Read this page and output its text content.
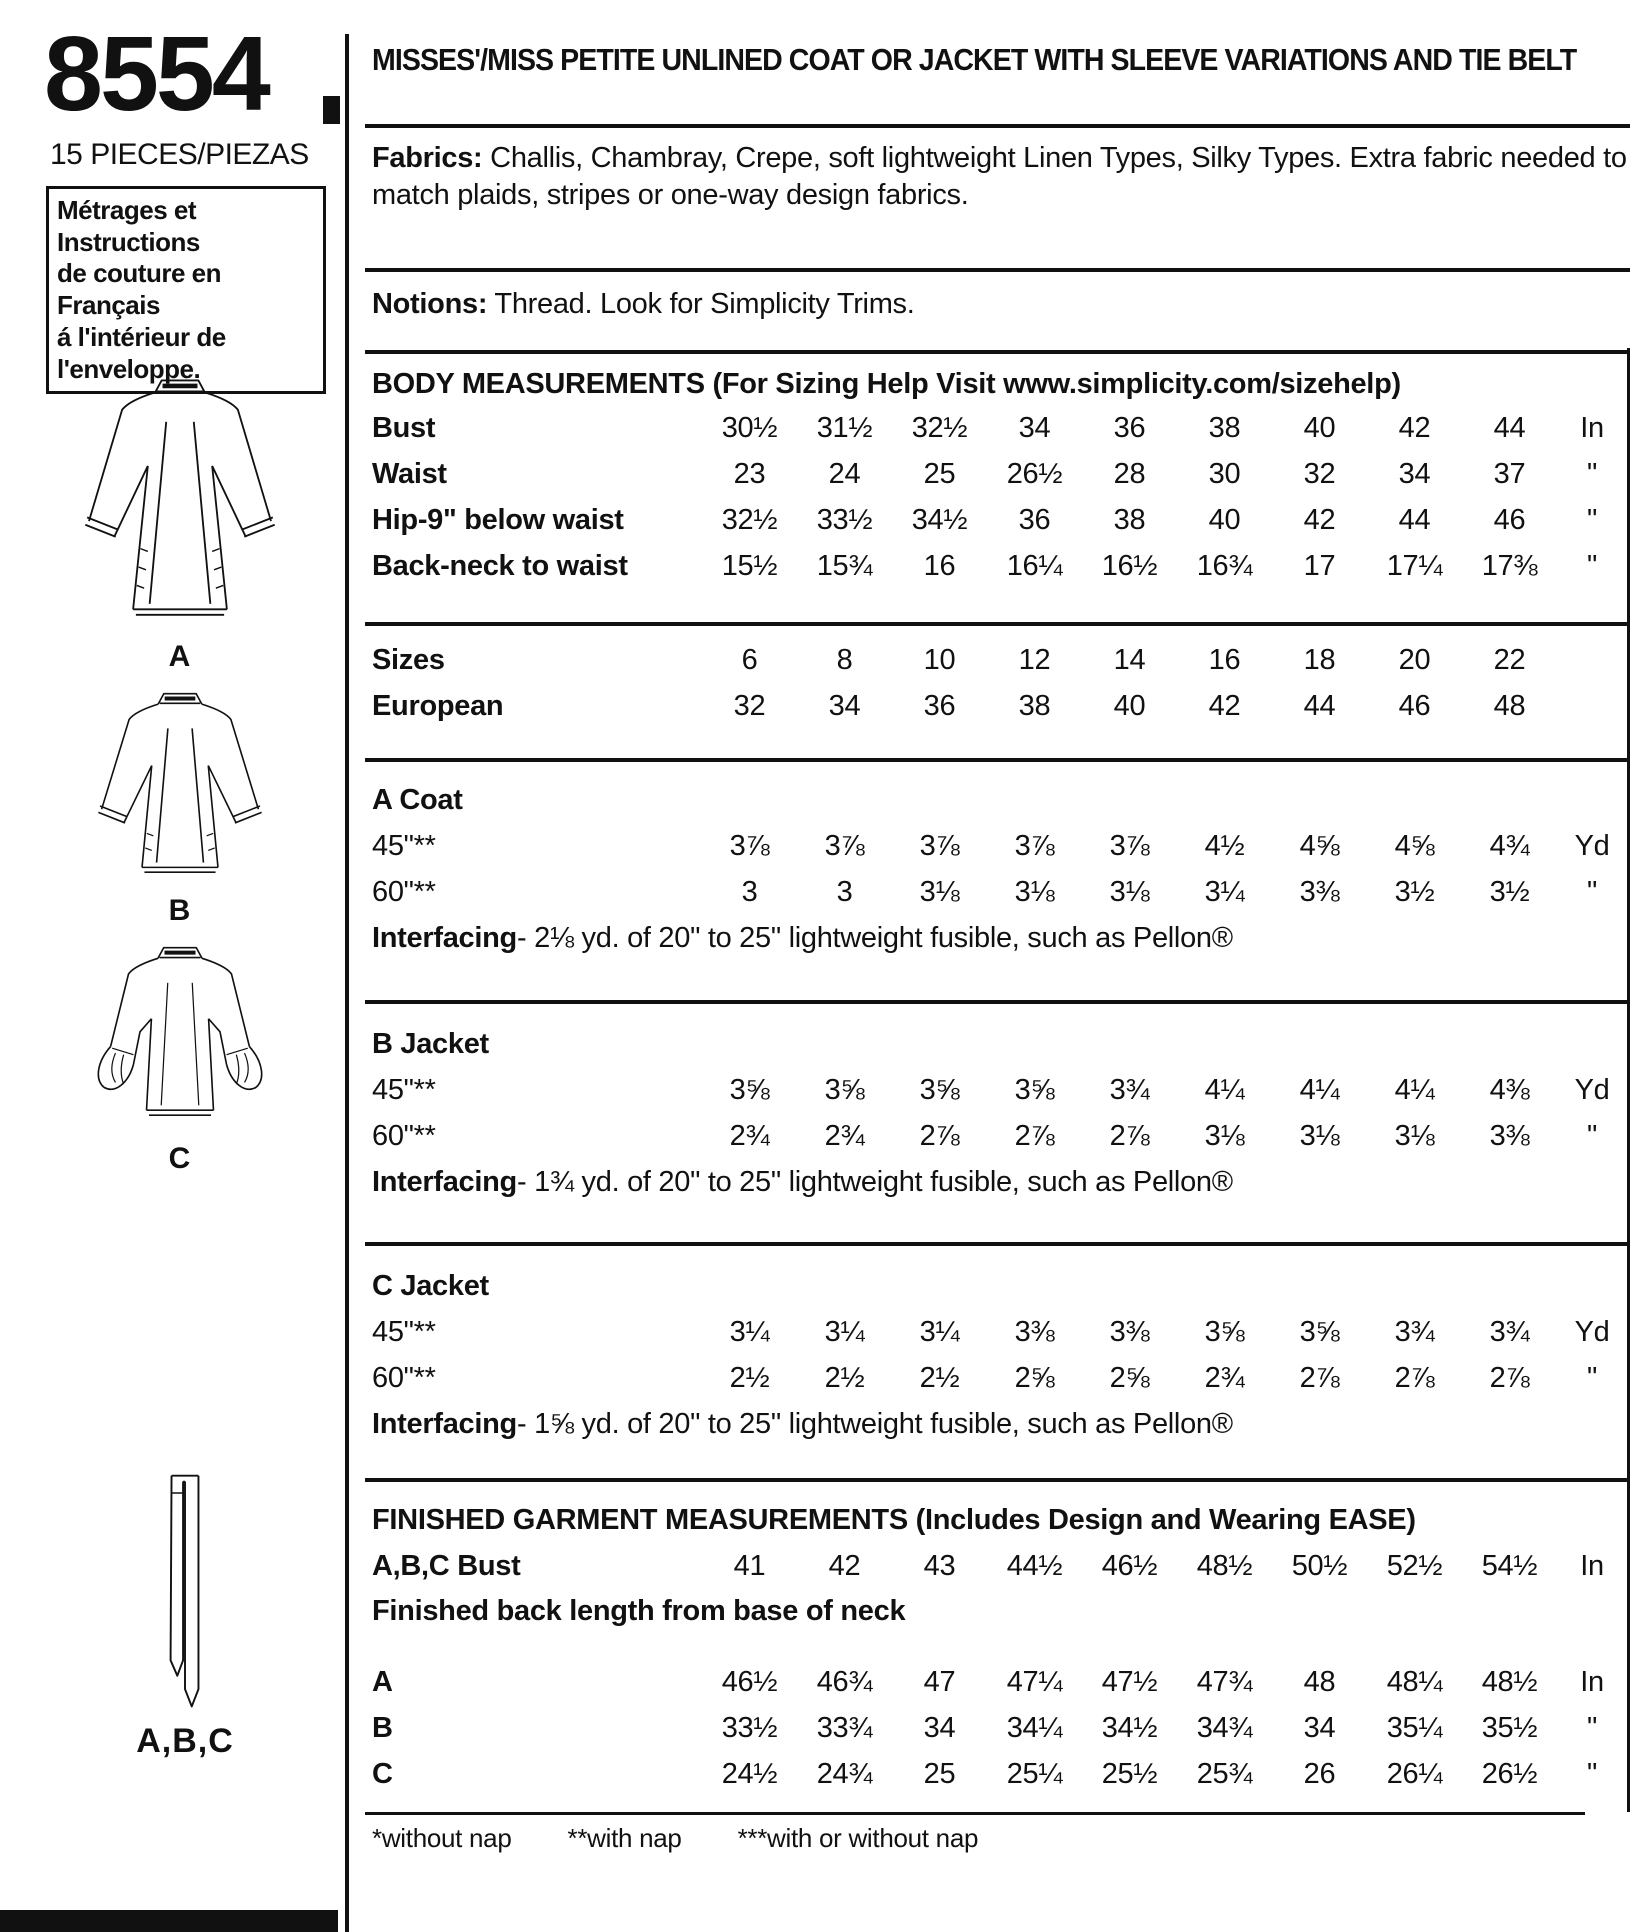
8554
15 PIECES/PIEZAS
Métrages et Instructions
de couture en Français
á l'intérieur de
l'enveloppe.
A
B
C
A,B,C
MISSES'/MISS PETITE UNLINED COAT OR JACKET WITH SLEEVE VARIATIONS AND TIE BELT
Fabrics: Challis, Chambray, Crepe, soft lightweight Linen Types, Silky Types. Extra fabric needed to match plaids, stripes or one-way design fabrics.
Notions: Thread. Look for Simplicity Trims.
BODY MEASUREMENTS (For Sizing Help Visit www.simplicity.com/sizehelp)
Bust	30½	31½	32½	34	36	38	40	42	44	In
Waist	23	24	25	26½	28	30	32	34	37	"
Hip-9" below waist	32½	33½	34½	36	38	40	42	44	46	"
Back-neck to waist	15½	15¾	16	16¼	16½	16¾	17	17¼	17⅜	"
Sizes	6	8	10	12	14	16	18	20	22
European	32	34	36	38	40	42	44	46	48
A Coat
45"**	3⅞	3⅞	3⅞	3⅞	3⅞	4½	4⅝	4⅝	4¾	Yd
60"**	3	3	3⅛	3⅛	3⅛	3¼	3⅜	3½	3½	"
Interfacing - 2⅛ yd. of 20" to 25" lightweight fusible, such as Pellon®
B Jacket
45"**	3⅝	3⅝	3⅝	3⅝	3¾	4¼	4¼	4¼	4⅜	Yd
60"**	2¾	2¾	2⅞	2⅞	2⅞	3⅛	3⅛	3⅛	3⅜	"
Interfacing - 1¾ yd. of 20" to 25" lightweight fusible, such as Pellon®
C Jacket
45"**	3¼	3¼	3¼	3⅜	3⅜	3⅝	3⅝	3¾	3¾	Yd
60"**	2½	2½	2½	2⅝	2⅝	2¾	2⅞	2⅞	2⅞	"
Interfacing - 1⅝ yd. of 20" to 25" lightweight fusible, such as Pellon®
FINISHED GARMENT MEASUREMENTS (Includes Design and Wearing EASE)
A,B,C Bust	41	42	43	44½	46½	48½	50½	52½	54½	In
Finished back length from base of neck
A	46½	46¾	47	47¼	47½	47¾	48	48¼	48½	In
B	33½	33¾	34	34¼	34½	34¾	34	35¼	35½	"
C	24½	24¾	25	25¼	25½	25¾	26	26¼	26½	"
*without nap **with nap ***with or without nap
